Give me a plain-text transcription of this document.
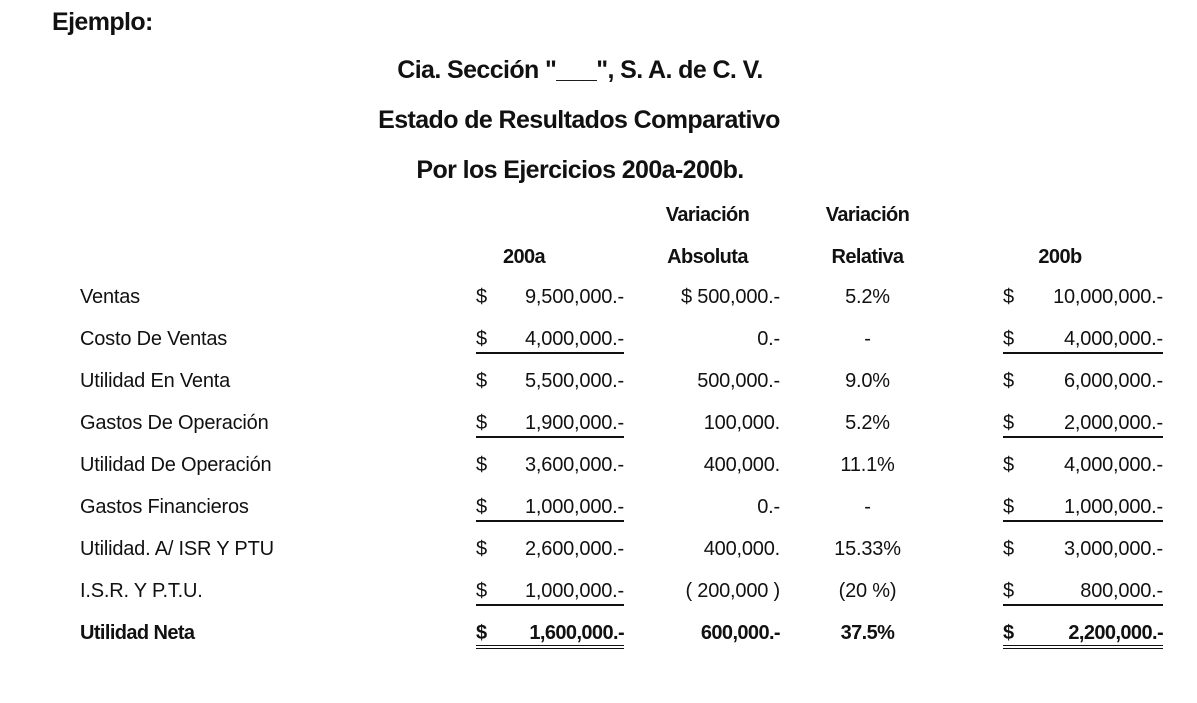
Ejemplo:
Cia. Sección "___", S. A. de C. V.
Estado de Resultados Comparativo
Por los Ejercicios 200a-200b.
200a
Variación
Absoluta
Variación
Relativa	200b
Ventas	$ 9,500,000.-	$ 500,000.-	5.2%	$ 10,000,000.-
Costo De Ventas	$ 4,000,000.-	0.-	-	$	4,000,000.-
Utilidad En Venta	$ 5,500,000.-	500,000.-	9.0%	$	6,000,000.-
Gastos De Operación	$ 1,900,000.-	100,000.	5.2%	$	2,000,000.-
Utilidad De Operación	$ 3,600,000.-	400,000.	11.1%	$	4,000,000.-
Gastos Financieros	$ 1,000,000.-	0.-	-	$	1,000,000.-
Utilidad. A/ ISR Y PTU	$ 2,600,000.-	400,000.	15.33%	$	3,000,000.-
I.S.R. Y P.T.U.	$ 1,000,000.-	( 200,000 )	(20 %)	$	800,000.-
Utilidad Neta	$ 1,600,000.-	600,000.-	37.5%	$	2,200,000.-
